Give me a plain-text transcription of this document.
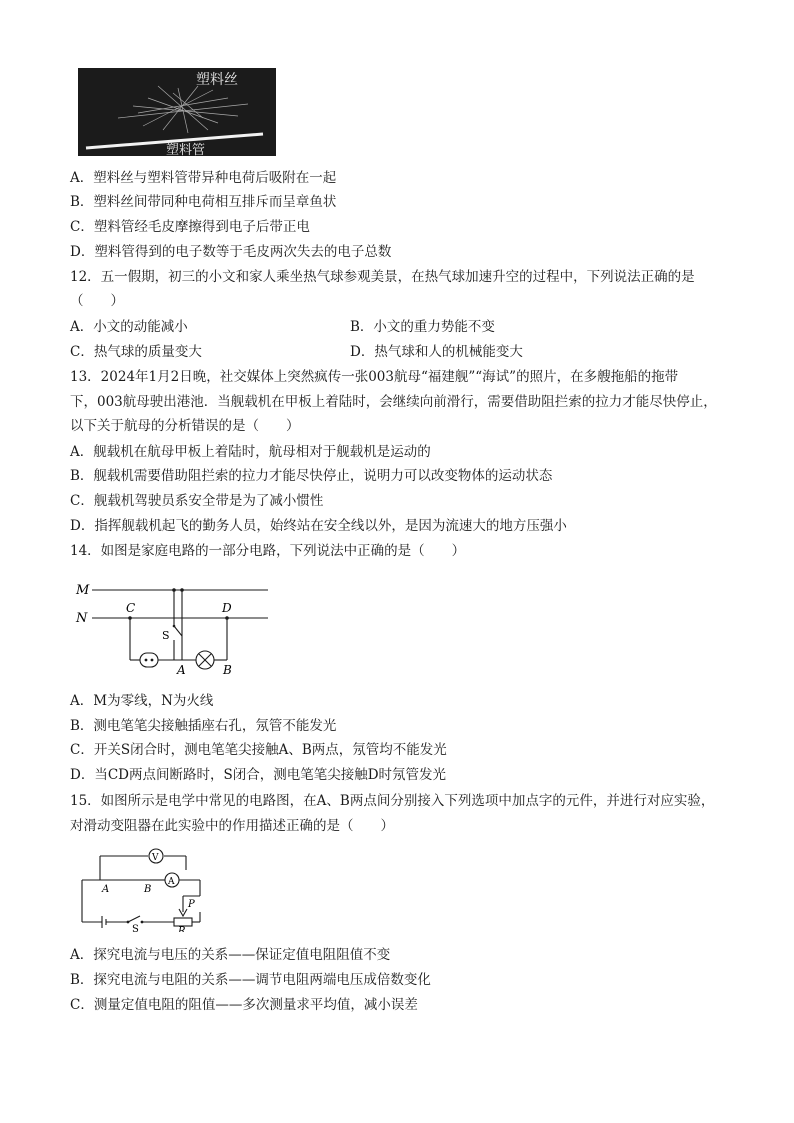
塑料丝
塑料管
A．塑料丝与塑料管带异种电荷后吸附在一起
B．塑料丝间带同种电荷相互排斥而呈章鱼状
C．塑料管经毛皮摩擦得到电子后带正电
D．塑料管得到的电子数等于毛皮两次失去的电子总数
12．五一假期，初三的小文和家人乘坐热气球参观美景，在热气球加速升空的过程中，下列说法正确的是
（　　）
A．小文的动能减小	B．小文的重力势能不变
C．热气球的质量变大	D．热气球和人的机械能变大
13．2024年1月2日晚，社交媒体上突然疯传一张003航母“福建舰”“海试”的照片，在多艘拖船的拖带
下，003航母驶出港池．当舰载机在甲板上着陆时，会继续向前滑行，需要借助阻拦索的拉力才能尽快停止，
以下关于航母的分析错误的是（　　）
A．舰载机在航母甲板上着陆时，航母相对于舰载机是运动的
B．舰载机需要借助阻拦索的拉力才能尽快停止，说明力可以改变物体的运动状态
C．舰载机驾驶员系安全带是为了减小惯性
D．指挥舰载机起飞的勤务人员，始终站在安全线以外，是因为流速大的地方压强小
14．如图是家庭电路的一部分电路，下列说法中正确的是（　　）
M
N
C	D
S
A	B
A．M为零线，N为火线
B．测电笔笔尖接触插座右孔，氖管不能发光
C．开关S闭合时，测电笔笔尖接触A、B两点，氖管均不能发光
D．当CD两点间断路时，S闭合，测电笔笔尖接触D时氖管发光
15．如图所示是电学中常见的电路图，在A、B两点间分别接入下列选项中加点字的元件，并进行对应实验，
对滑动变阻器在此实验中的作用描述正确的是（　　）
V
A
A	B
S
P
R
A．探究电流与电压的关系——保证定值电阻阻值不变
B．探究电流与电阻的关系——调节电阻两端电压成倍数变化
C．测量定值电阻的阻值——多次测量求平均值，减小误差
